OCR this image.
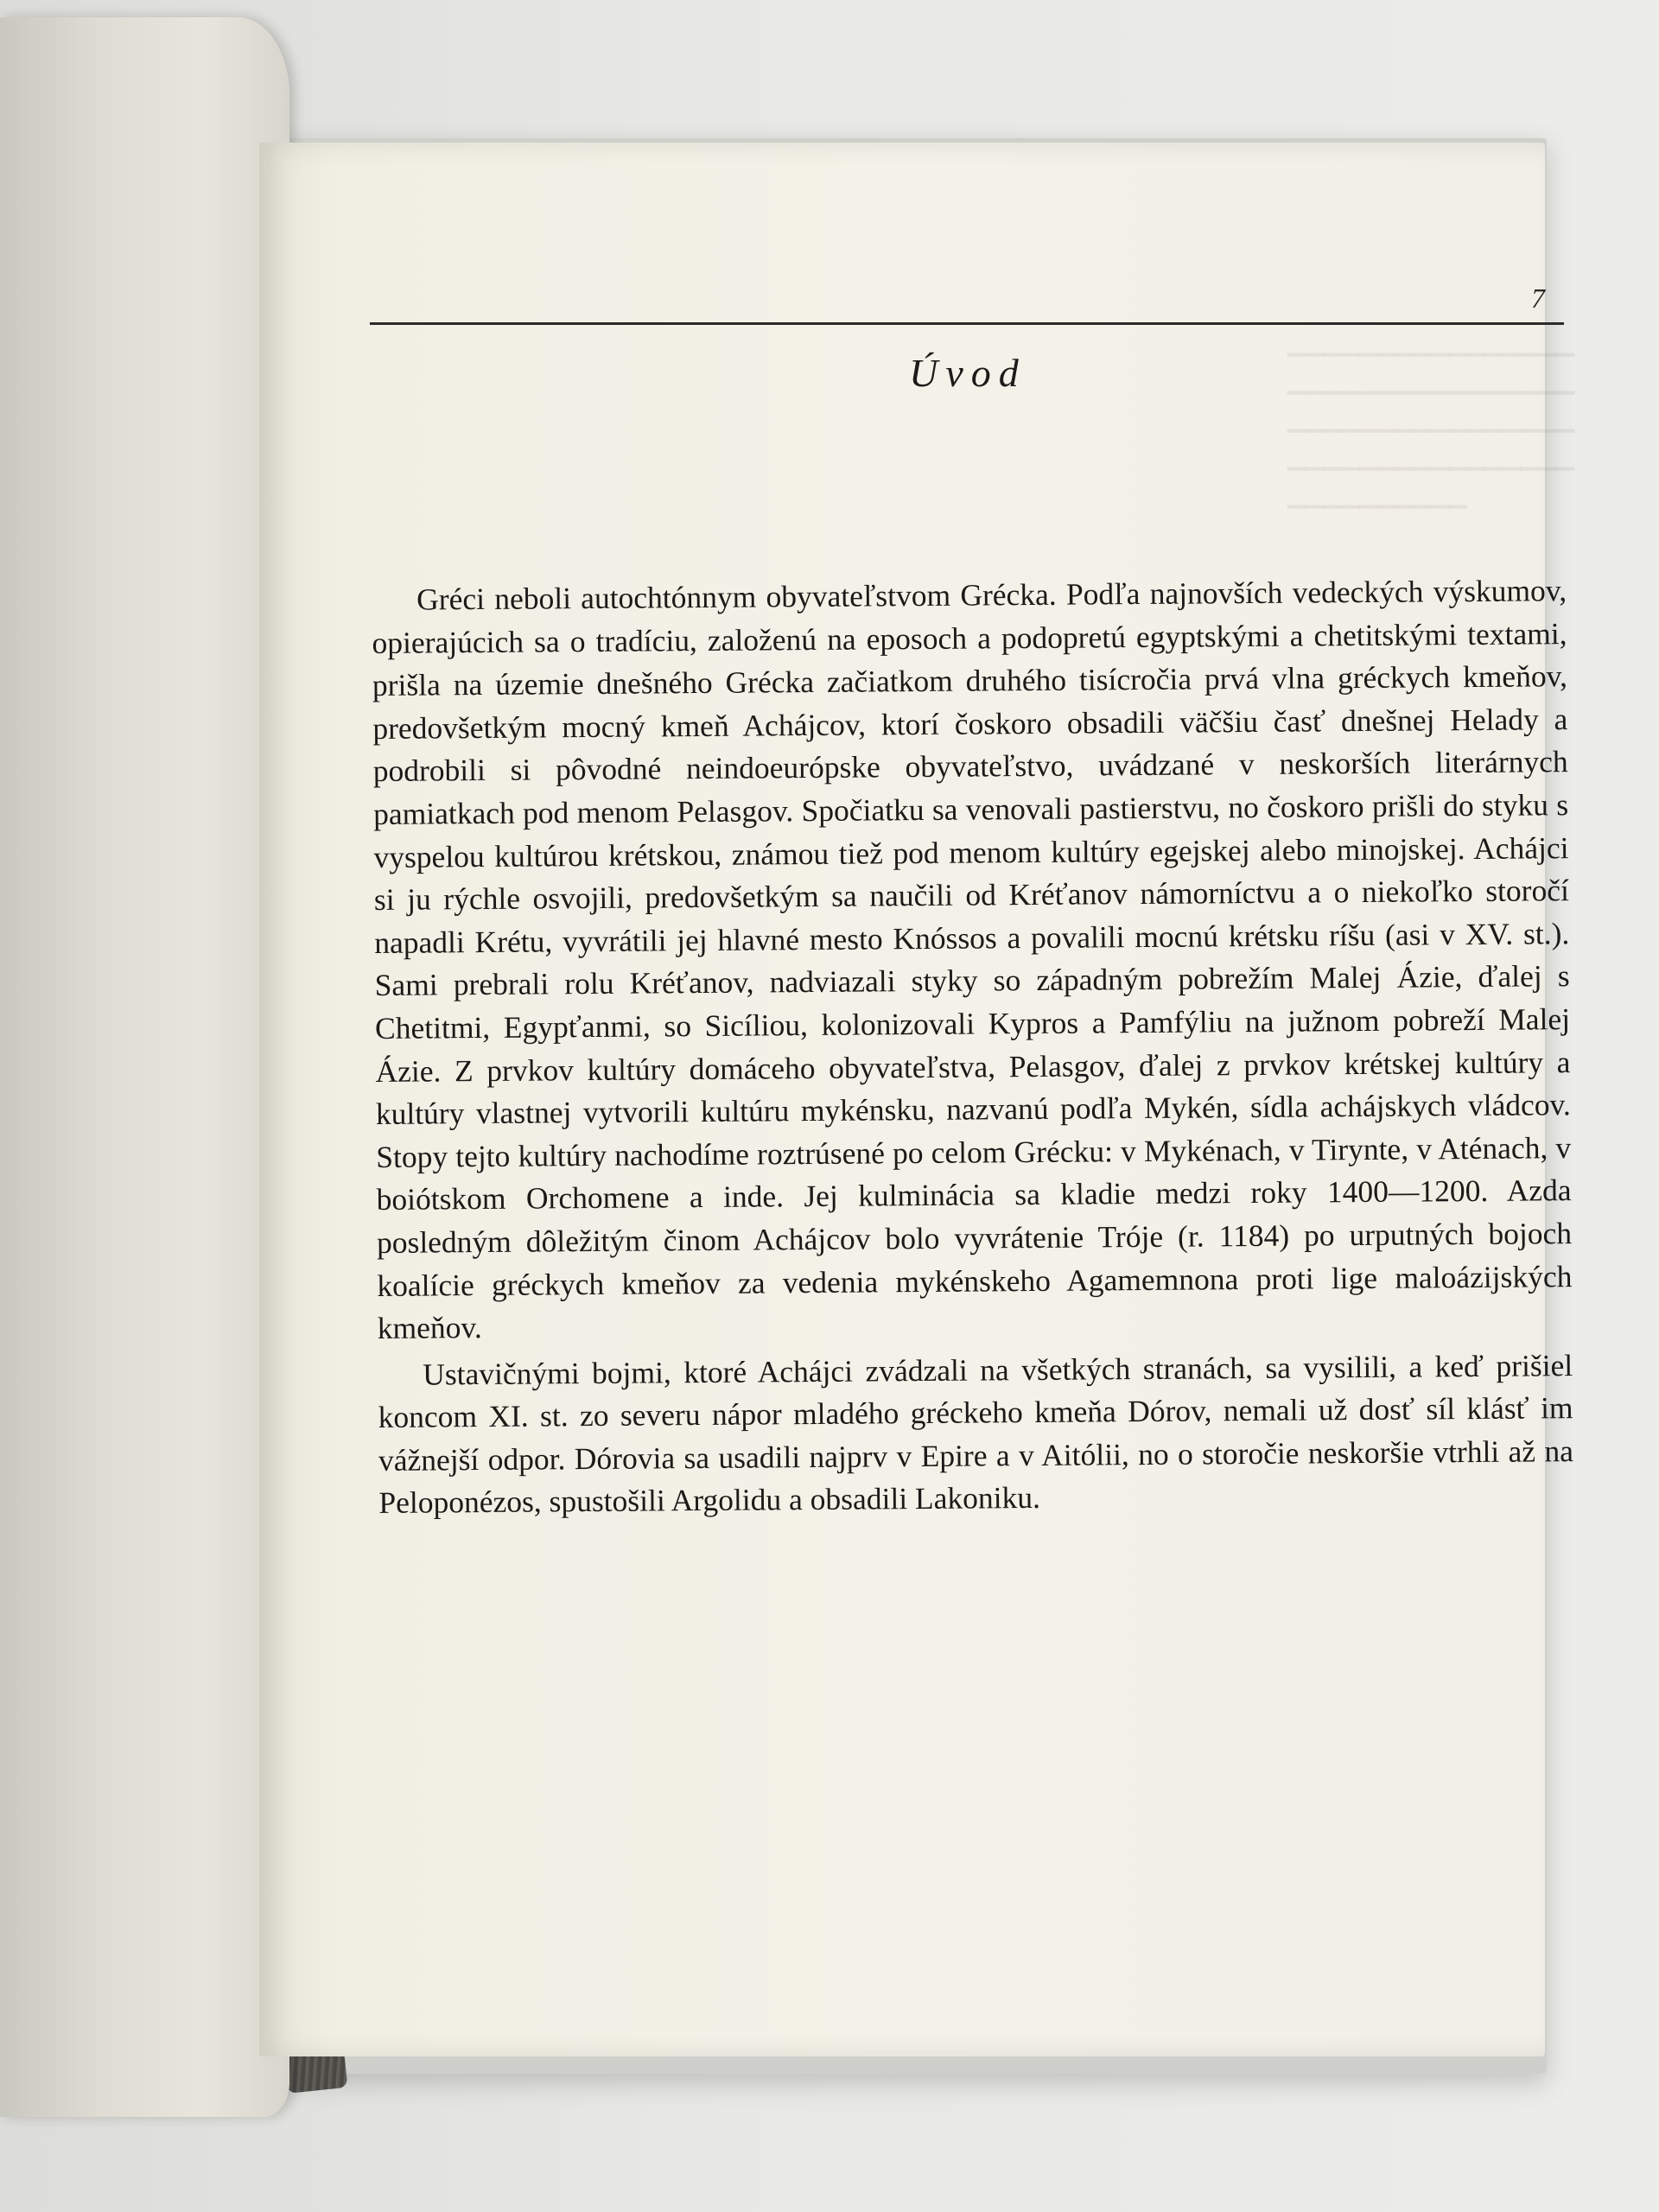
7
▔▔▔▔▔▔▔▔▔▔▔▔▔▔▔▔
▔▔▔▔▔▔▔▔▔▔▔▔▔▔▔▔
▔▔▔▔▔▔▔▔▔▔▔▔▔▔▔▔
▔▔▔▔▔▔▔▔▔▔▔▔▔▔▔▔
▔▔▔▔▔▔▔▔▔▔
Úvod

Gréci neboli autochtónnym obyvateľstvom Grécka. Podľa najnovších vedeckých výskumov, opierajúcich sa o tradíciu, založenú na eposoch a podopretú egyptskými a chetitskými textami, prišla na územie dnešného Grécka začiatkom druhého tisícročia prvá vlna gréckych kmeňov, predovšetkým mocný kmeň Achájcov, ktorí čoskoro obsadili väčšiu časť dnešnej Helady a podrobili si pôvodné neindoeurópske obyvateľstvo, uvádzané v neskorších literárnych pamiatkach pod menom Pelasgov. Spočiatku sa venovali pastierstvu, no čoskoro prišli do styku s vyspelou kultúrou krétskou, známou tiež pod menom kultúry egejskej alebo minojskej. Achájci si ju rýchle osvojili, predovšetkým sa naučili od Kréťanov námorníctvu a o niekoľko storočí napadli Krétu, vyvrátili jej hlavné mesto Knóssos a povalili mocnú krétsku ríšu (asi v XV. st.). Sami prebrali rolu Kréťanov, nadviazali styky so západným pobrežím Malej Ázie, ďalej s Chetitmi, Egypťanmi, so Sicíliou, kolonizovali Kypros a Pamfýliu na južnom pobreží Malej Ázie. Z prvkov kultúry domáceho obyvateľstva, Pelasgov, ďalej z prvkov krétskej kultúry a kultúry vlastnej vytvorili kultúru mykénsku, nazvanú podľa Mykén, sídla achájskych vládcov. Stopy tejto kultúry nachodíme roztrúsené po celom Grécku: v Mykénach, v Tirynte, v Aténach, v boiótskom Orchomene a inde. Jej kulminácia sa kladie medzi roky 1400—1200. Azda posledným dôležitým činom Achájcov bolo vyvrátenie Tróje (r. 1184) po urputných bojoch koalície gréckych kmeňov za vedenia mykénskeho Agamemnona proti lige maloázijských kmeňov.

Ustavičnými bojmi, ktoré Achájci zvádzali na všetkých stranách, sa vysilili, a keď prišiel koncom XI. st. zo severu nápor mladého gréckeho kmeňa Dórov, nemali už dosť síl klásť im vážnejší odpor. Dórovia sa usadili najprv v Epire a v Aitólii, no o storočie neskoršie vtrhli až na Peloponézos, spustošili Argolidu a obsadili Lakoniku.
